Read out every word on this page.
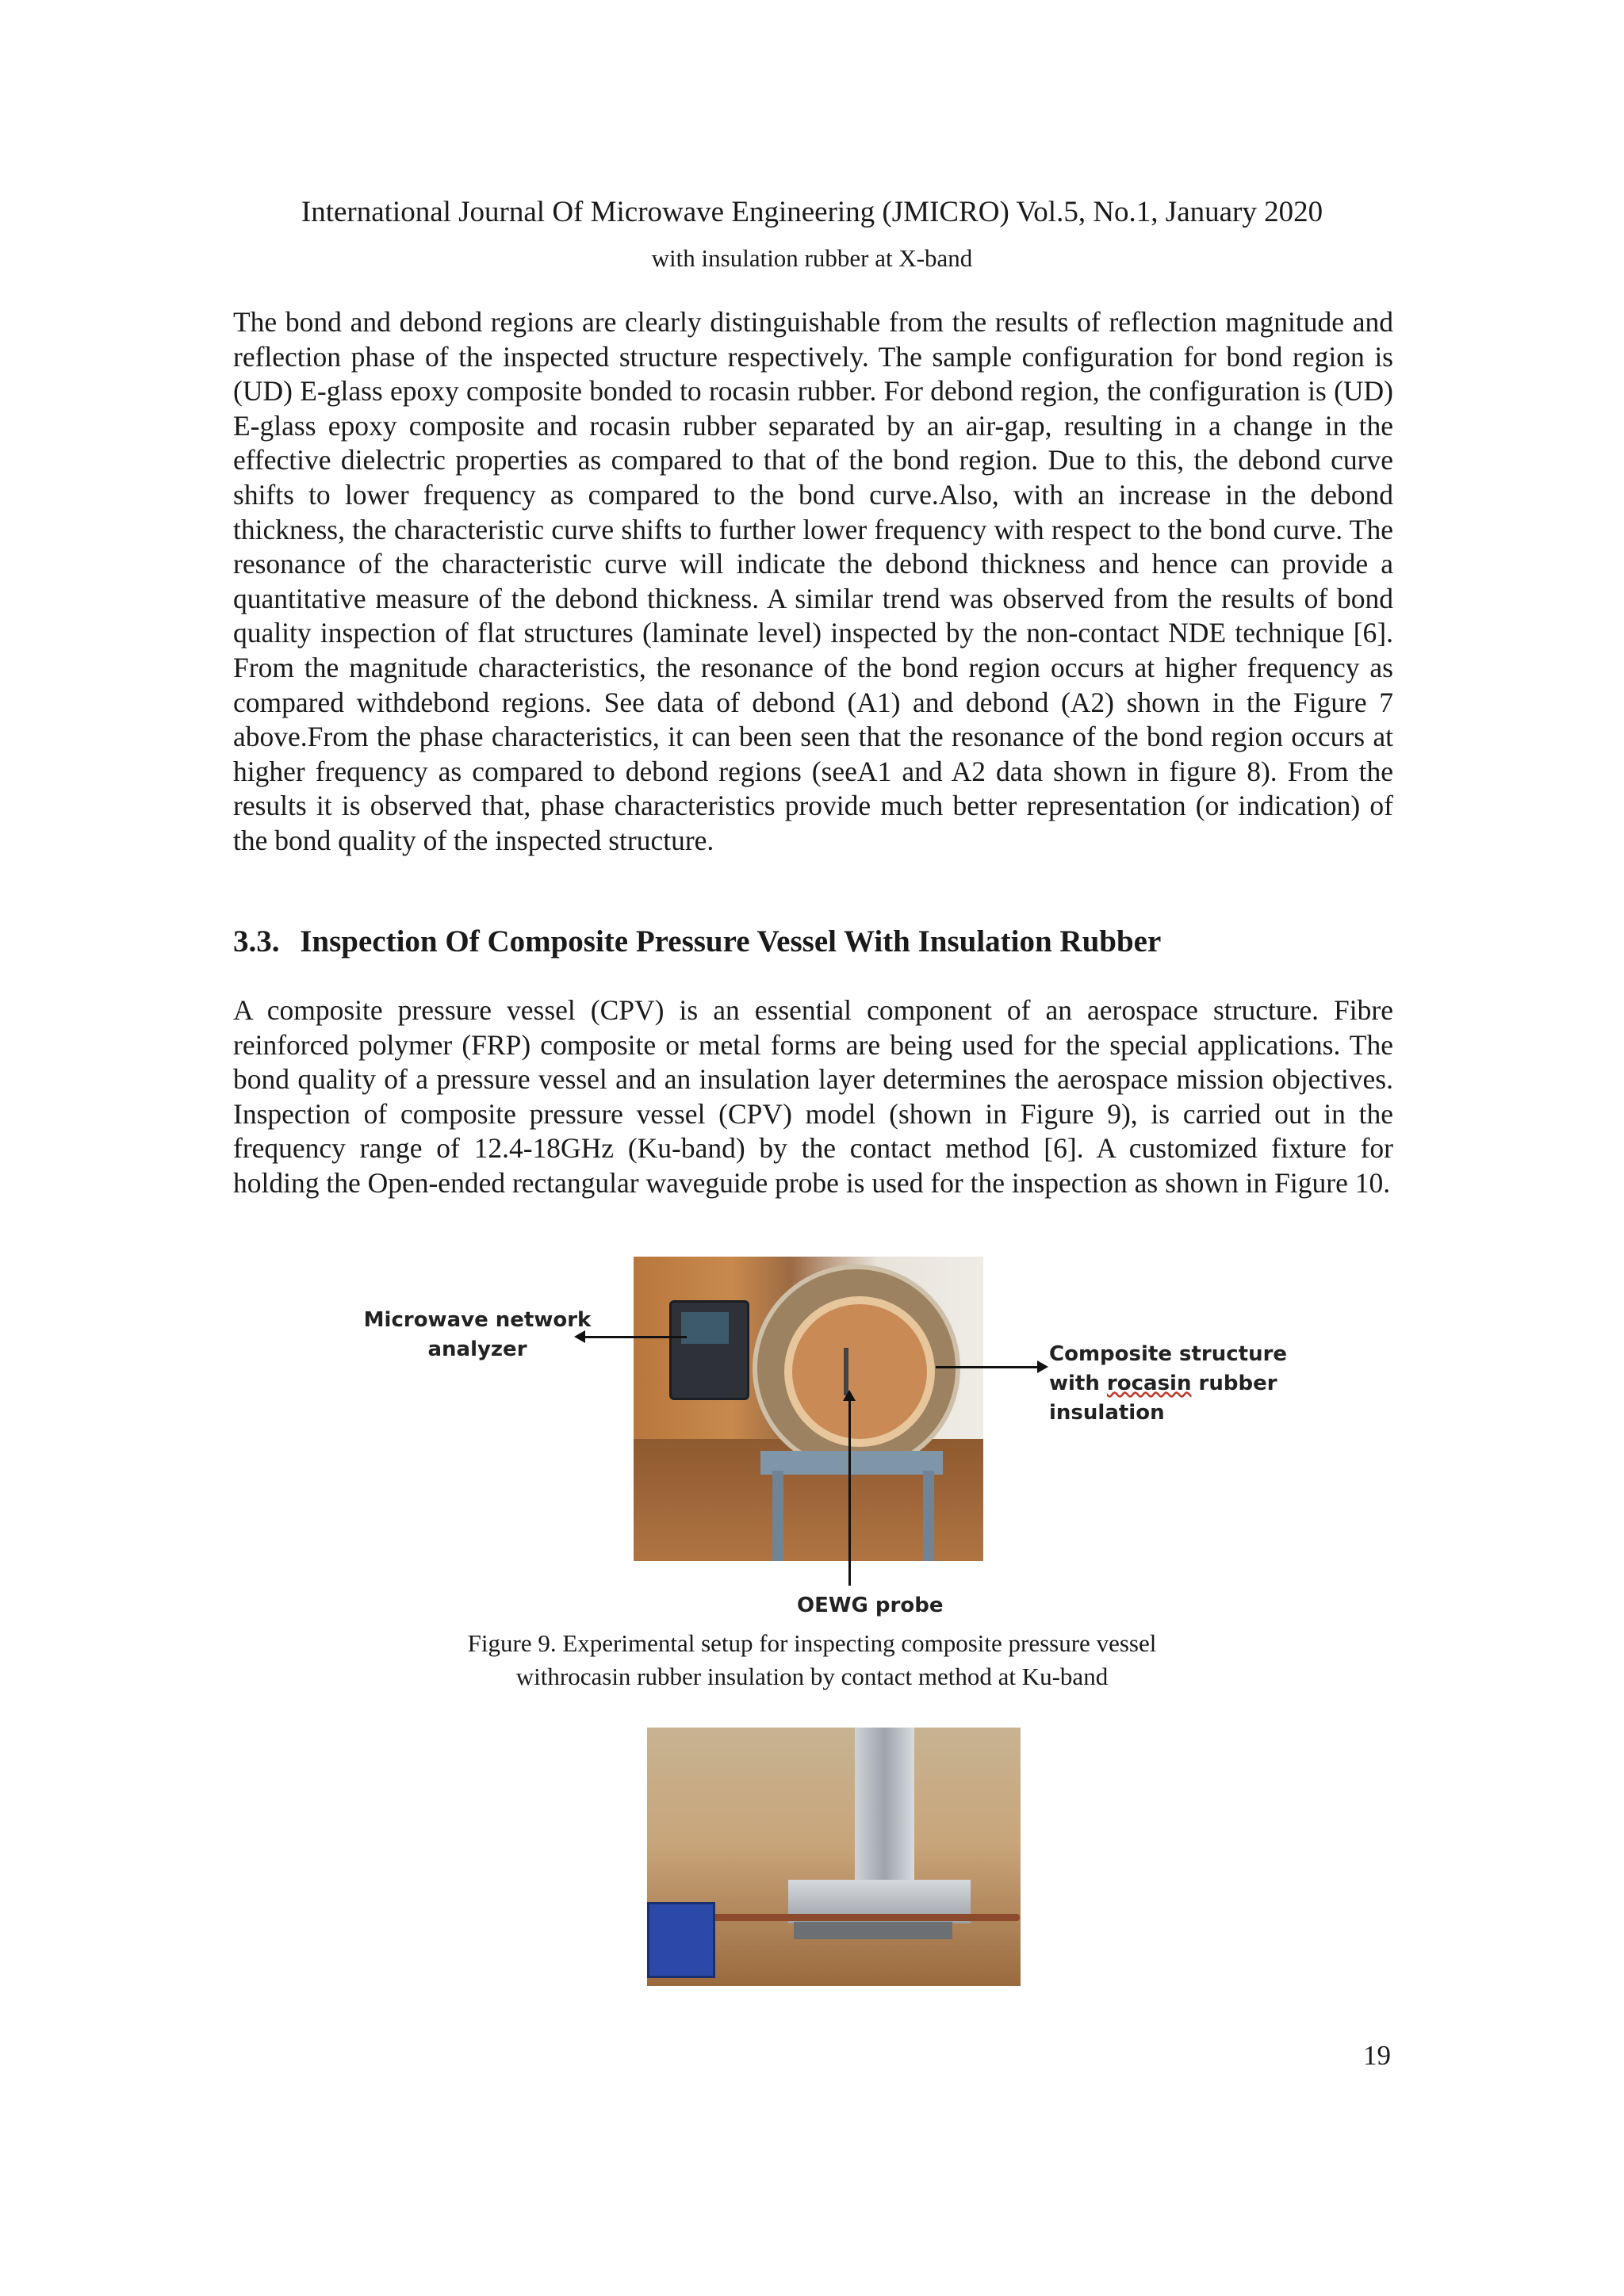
International Journal Of Microwave Engineering (JMICRO) Vol.5, No.1, January 2020
with insulation rubber at X-band

The bond and debond regions are clearly distinguishable from the results of reflection magnitude and reflection phase of the inspected structure respectively. The sample configuration for bond region is (UD) E-glass epoxy composite bonded to rocasin rubber. For debond region, the configuration is (UD) E-glass epoxy composite and rocasin rubber separated by an air-gap, resulting in a change in the effective dielectric properties as compared to that of the bond region. Due to this, the debond curve shifts to lower frequency as compared to the bond curve.Also, with an increase in the debond thickness, the characteristic curve shifts to further lower frequency with respect to the bond curve. The resonance of the characteristic curve will indicate the debond thickness and hence can provide a quantitative measure of the debond thickness. A similar trend was observed from the results of bond quality inspection of flat structures (laminate level) inspected by the non-contact NDE technique [6]. From the magnitude characteristics, the resonance of the bond region occurs at higher frequency as compared withdebond regions. See data of debond (A1) and debond (A2) shown in the Figure 7 above.From the phase characteristics, it can been seen that the resonance of the bond region occurs at higher frequency as compared to debond regions (seeA1 and A2 data shown in figure 8). From the results it is observed that, phase characteristics provide much better representation (or indication) of the bond quality of the inspected structure.

3.3. Inspection Of Composite Pressure Vessel With Insulation Rubber

A composite pressure vessel (CPV) is an essential component of an aerospace structure. Fibre reinforced polymer (FRP) composite or metal forms are being used for the special applications. The bond quality of a pressure vessel and an insulation layer determines the aerospace mission objectives. Inspection of composite pressure vessel (CPV) model (shown in Figure 9), is carried out in the frequency range of 12.4-18GHz (Ku-band) by the contact method [6]. A customized fixture for holding the Open-ended rectangular waveguide probe is used for the inspection as shown in Figure 10.

Microwave network
analyzer	Composite structure
with rocasin rubber
insulation
OEWG probe
Figure 9. Experimental setup for inspecting composite pressure vessel
withrocasin rubber insulation by contact method at Ku-band
19
